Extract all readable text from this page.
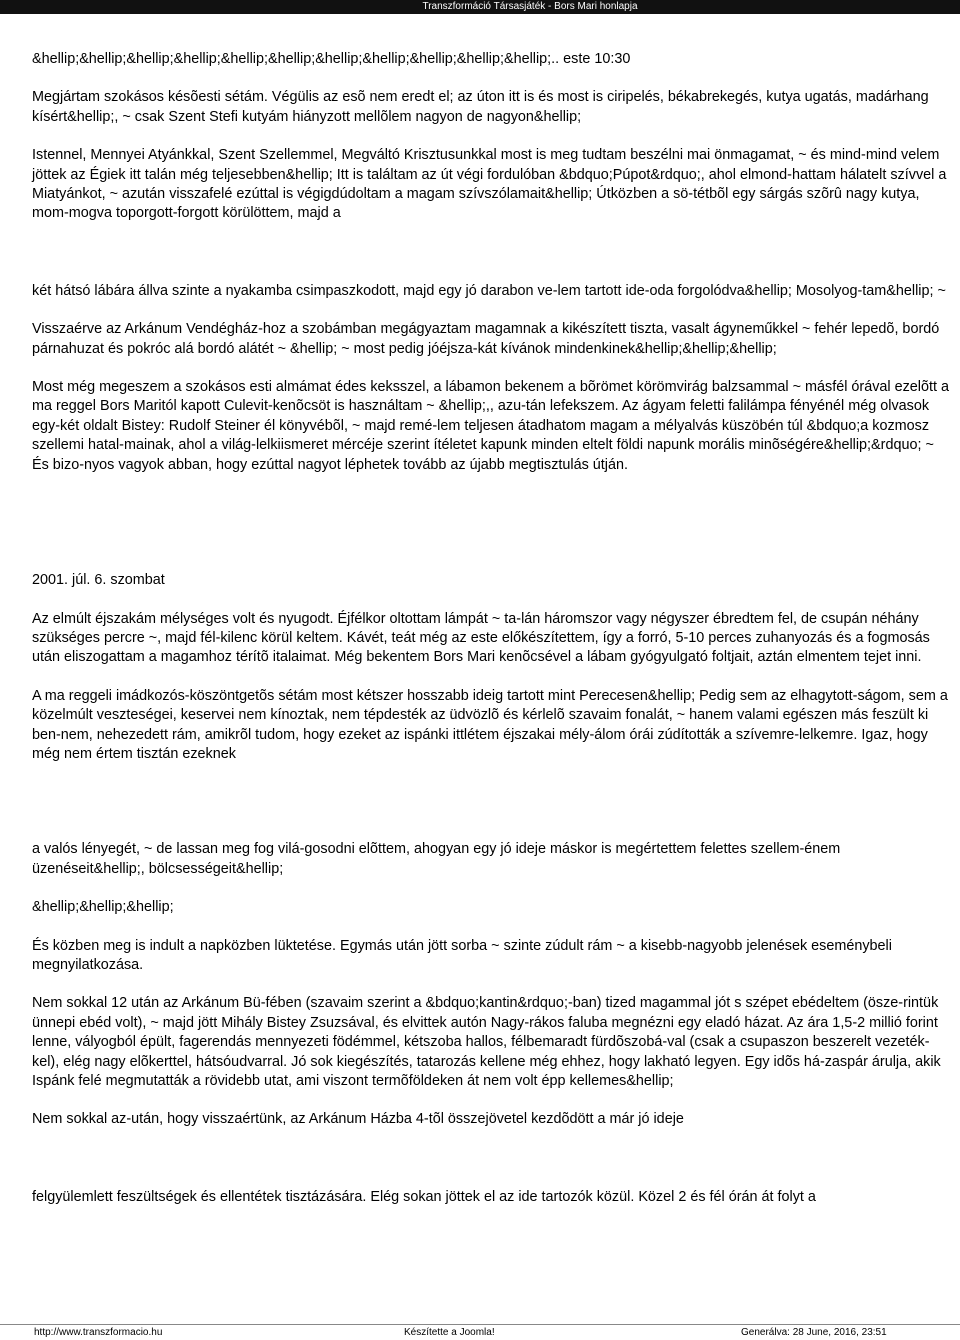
Transzformáció Társasjáték - Bors Mari honlapja

&hellip;&hellip;&hellip;&hellip;&hellip;&hellip;&hellip;&hellip;&hellip;&hellip;&hellip;.. este 10:30

Megjártam szokásos késõesti sétám. Végülis az esõ nem eredt el; az úton itt is és most is ciripelés, békabrekegés, kutya ugatás, madárhang kísért&hellip;, ~ csak Szent Stefi kutyám hiányzott mellõlem nagyon de nagyon&hellip;

Istennel, Mennyei Atyánkkal, Szent Szellemmel, Megváltó Krisztusunkkal most is meg tudtam beszélni mai önmagamat, ~ és mind-mind velem jöttek az Égiek itt talán még teljesebben&hellip; Itt is találtam az út végi fordulóban &bdquo;Púpot&rdquo;, ahol elmond-hattam hálatelt szívvel a Miatyánkot, ~ azután visszafelé ezúttal is végigdúdoltam a magam szívszólamait&hellip; Útközben a sö-tétbõl egy sárgás szõrû nagy kutya, mom-mogva toporgott-forgott körülöttem, majd a

két hátsó lábára állva szinte a nyakamba csimpaszkodott, majd egy jó darabon ve-lem tartott ide-oda forgolódva&hellip; Mosolyog-tam&hellip; ~

Visszaérve az Arkánum Vendégház-hoz a szobámban megágyaztam magamnak a kikészített tiszta, vasalt ágyneműkkel ~ fehér lepedõ, bordó párnahuzat és pokróc alá bordó alátét ~ &hellip; ~ most pedig jóéjsza-kát kívánok mindenkinek&hellip;&hellip;&hellip;

Most még megeszem a szokásos esti almámat édes keksszel, a lábamon bekenem a bõrömet körömvirág balzsammal ~ másfél órával ezelõtt a ma reggel Bors Maritól kapott Culevit-kenõcsöt is használtam ~ &hellip;,, azu-tán lefekszem. Az ágyam feletti falilámpa fényénél még olvasok egy-két oldalt Bistey: Rudolf Steiner él könyvébõl, ~ majd remé-lem teljesen átadhatom magam a mélyalvás küszöbén túl &bdquo;a kozmosz szellemi hatal-mainak, ahol a világ-lelkiismeret mércéje szerint ítéletet kapunk minden eltelt földi napunk morális minõségére&hellip;&rdquo; ~ És bizo-nyos vagyok abban, hogy ezúttal nagyot léphetek tovább az újabb megtisztulás útján.

2001. júl. 6. szombat

Az elmúlt éjszakám mélységes volt és nyugodt. Éjfélkor oltottam lámpát ~ ta-lán háromszor vagy négyszer ébredtem fel, de csupán néhány szükséges percre ~, majd fél-kilenc körül keltem. Kávét, teát még az este előkészítettem, így a forró, 5-10 perces zuhanyozás és a fogmosás után eliszogattam a magamhoz térítõ italaimat. Még bekentem Bors Mari kenõcsével a lábam gyógyulgató foltjait, aztán elmentem tejet inni.

A ma reggeli imádkozós-köszöntgetõs sétám most kétszer hosszabb ideig tartott mint Perecesen&hellip; Pedig sem az elhagytott-ságom, sem a közelmúlt veszteségei, keservei nem kínoztak, nem tépdesték az üdvözlõ és kérlelõ szavaim fonalát, ~ hanem valami egészen más feszült ki ben-nem, nehezedett rám, amikrõl tudom, hogy ezeket az ispánki ittlétem éjszakai mély-álom órái zúdították a szívemre-lelkemre. Igaz, hogy még nem értem tisztán ezeknek

a valós lényegét, ~ de lassan meg fog vilá-gosodni elõttem, ahogyan egy jó ideje máskor is megértettem felettes szellem-énem üzenéseit&hellip;, bölcsességeit&hellip;

&hellip;&hellip;&hellip;

És közben meg is indult a napközben lüktetése. Egymás után jött sorba ~ szinte zúdult rám ~ a kisebb-nagyobb jelenések eseménybeli megnyilatkozása.

Nem sokkal 12 után az Arkánum Bü-fében (szavaim szerint a &bdquo;kantin&rdquo;-ban) tized magammal jót s szépet ebédeltem (ösze-rintük ünnepi ebéd volt), ~ majd jött Mihály Bistey Zsuzsával, és elvittek autón Nagy-rákos faluba megnézni egy eladó házat. Az ára 1,5-2 millió forint lenne, vályogból épült, fagerendás mennyezeti födémmel, kétszoba hallos, félbemaradt fürdõszobá-val (csak a csupaszon beszerelt vezeték-kel), elég nagy elõkerttel, hátsóudvarral. Jó sok kiegészítés, tatarozás kellene még ehhez, hogy lakható legyen. Egy idõs há-zaspár árulja, akik Ispánk felé megmutatták a rövidebb utat, ami viszont termõföldeken át nem volt épp kellemes&hellip;

Nem sokkal az-után, hogy visszaértünk, az Arkánum Házba 4-tõl összejövetel kezdõdött a már jó ideje

felgyülemlett feszültségek és ellentétek tisztázására. Elég sokan jöttek el az ide tartozók közül. Közel 2 és fél órán át folyt a

http://www.transzformacio.hu	Készítette a Joomla!	Generálva: 28 June, 2016, 23:51
